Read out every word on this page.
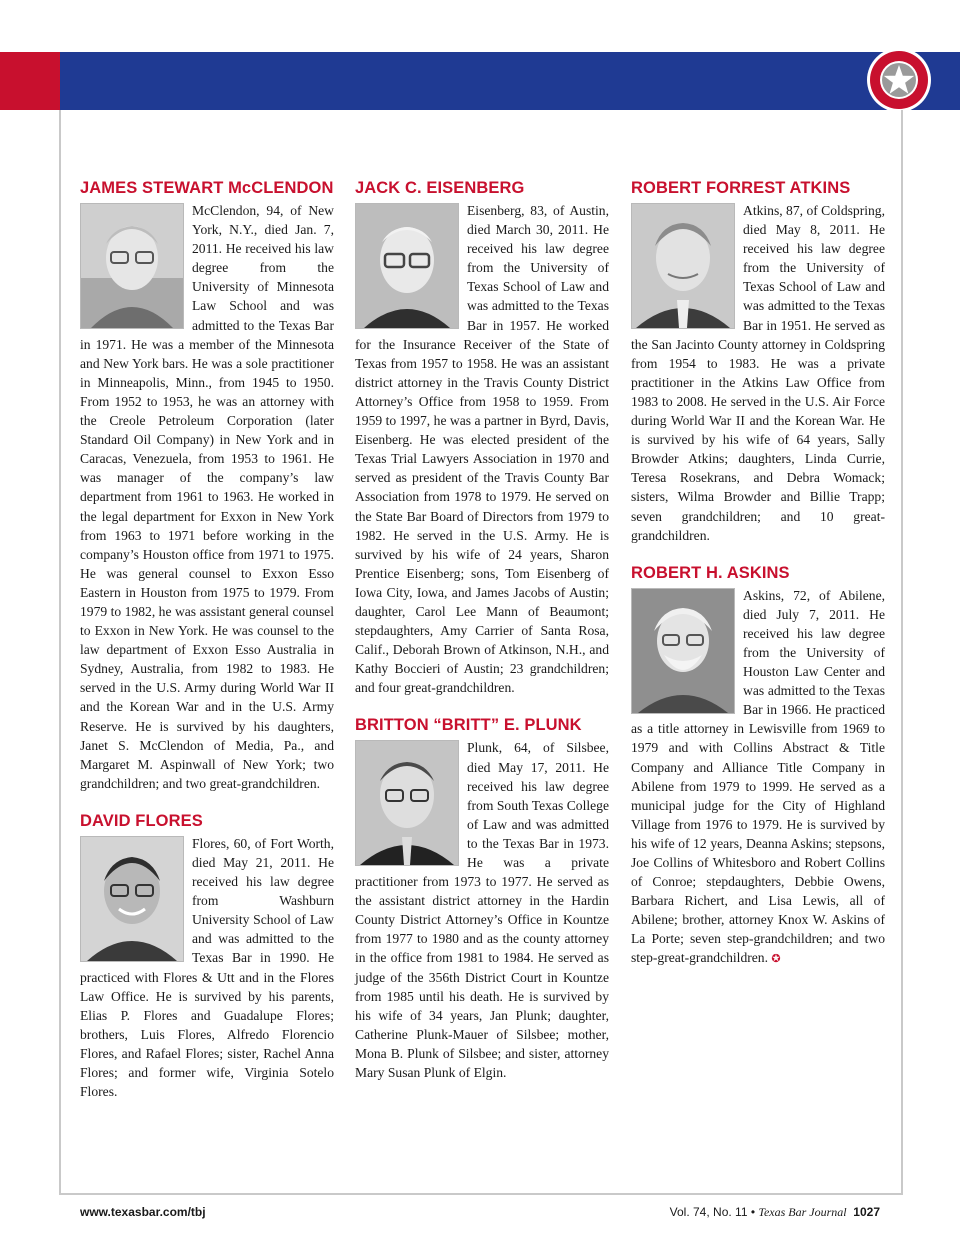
JAMES STEWART McCLENDON

McClendon, 94, of New York, N.Y., died Jan. 7, 2011. He received his law degree from the University of Minnesota Law School and was admitted to the Texas Bar in 1971. He was a member of the Minnesota and New York bars. He was a sole practitioner in Minneapolis, Minn., from 1945 to 1950. From 1952 to 1953, he was an attorney with the Creole Petroleum Corporation (later Standard Oil Company) in New York and in Caracas, Venezuela, from 1953 to 1961. He was manager of the company’s law department from 1961 to 1963. He worked in the legal department for Exxon in New York from 1963 to 1971 before working in the company’s Houston office from 1971 to 1975. He was general counsel to Exxon Esso Eastern in Houston from 1975 to 1979. From 1979 to 1982, he was assistant general counsel to Exxon in New York. He was counsel to the law department of Exxon Esso Australia in Sydney, Australia, from 1982 to 1983. He served in the U.S. Army during World War II and the Korean War and in the U.S. Army Reserve. He is survived by his daughters, Janet S. McClendon of Media, Pa., and Margaret M. Aspinwall of New York; two grandchildren; and two great-grandchildren.

DAVID FLORES

Flores, 60, of Fort Worth, died May 21, 2011. He received his law degree from Washburn University School of Law and was admitted to the Texas Bar in 1990. He practiced with Flores & Utt and in the Flores Law Office. He is survived by his parents, Elias P. Flores and Guadalupe Flores; brothers, Luis Flores, Alfredo Florencio Flores, and Rafael Flores; sister, Rachel Anna Flores; and former wife, Virginia Sotelo Flores.

JACK C. EISENBERG

Eisenberg, 83, of Austin, died March 30, 2011. He received his law degree from the University of Texas School of Law and was admitted to the Texas Bar in 1957. He worked for the Insurance Receiver of the State of Texas from 1957 to 1958. He was an assistant district attorney in the Travis County District Attorney’s Office from 1958 to 1959. From 1959 to 1997, he was a partner in Byrd, Davis, Eisenberg. He was elected president of the Texas Trial Lawyers Association in 1970 and served as president of the Travis County Bar Association from 1978 to 1979. He served on the State Bar Board of Directors from 1979 to 1982. He served in the U.S. Army. He is survived by his wife of 24 years, Sharon Prentice Eisenberg; sons, Tom Eisenberg of Iowa City, Iowa, and James Jacobs of Austin; daughter, Carol Lee Mann of Beaumont; stepdaughters, Amy Carrier of Santa Rosa, Calif., Deborah Brown of Atkinson, N.H., and Kathy Boccieri of Austin; 23 grandchildren; and four great-grandchildren.

BRITTON “BRITT” E. PLUNK

Plunk, 64, of Silsbee, died May 17, 2011. He received his law degree from South Texas College of Law and was admitted to the Texas Bar in 1973. He was a private practitioner from 1973 to 1977. He served as the assistant district attorney in the Hardin County District Attorney’s Office in Kountze from 1977 to 1980 and as the county attorney in the office from 1981 to 1984. He served as judge of the 356th District Court in Kountze from 1985 until his death. He is survived by his wife of 34 years, Jan Plunk; daughter, Catherine Plunk-Mauer of Silsbee; mother, Mona B. Plunk of Silsbee; and sister, attorney Mary Susan Plunk of Elgin.

ROBERT FORREST ATKINS

Atkins, 87, of Coldspring, died May 8, 2011. He received his law degree from the University of Texas School of Law and was admitted to the Texas Bar in 1951. He served as the San Jacinto County attorney in Coldspring from 1954 to 1983. He was a private practitioner in the Atkins Law Office from 1983 to 2008. He served in the U.S. Air Force during World War II and the Korean War. He is survived by his wife of 64 years, Sally Browder Atkins; daughters, Linda Currie, Teresa Rosekrans, and Debra Womack; sisters, Wilma Browder and Billie Trapp; seven grandchildren; and 10 great-grandchildren.

ROBERT H. ASKINS

Askins, 72, of Abilene, died July 7, 2011. He received his law degree from the University of Houston Law Center and was admitted to the Texas Bar in 1966. He practiced as a title attorney in Lewisville from 1969 to 1979 and with Collins Abstract & Title Company and Alliance Title Company in Abilene from 1979 to 1999. He served as a municipal judge for the City of Highland Village from 1976 to 1979. He is survived by his wife of 12 years, Deanna Askins; stepsons, Joe Collins of Whitesboro and Robert Collins of Conroe; stepdaughters, Debbie Owens, Barbara Richert, and Lisa Lewis, all of Abilene; brother, attorney Knox W. Askins of La Porte; seven step-grandchildren; and two step-great-grandchildren. ✪

www.texasbar.com/tbj	Vol. 74, No. 11 • Texas Bar Journal 1027
